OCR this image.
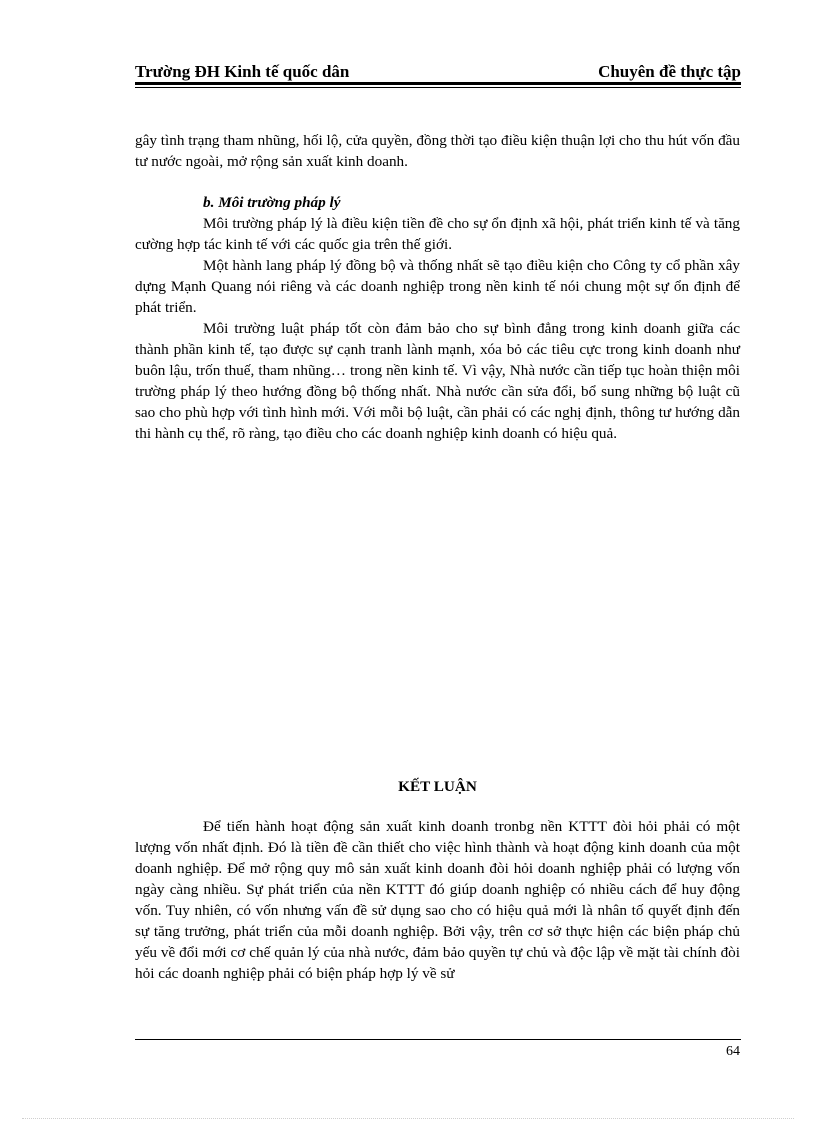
Trường ĐH Kinh tế quốc dân	Chuyên đề thực tập

gây tình trạng tham nhũng, hối lộ, cửa quyền, đồng thời tạo điều kiện thuận lợi cho thu hút vốn đầu tư nước ngoài, mở rộng sản xuất kinh doanh.

b. Môi trường pháp lý

Môi trường pháp lý là điều kiện tiền đề cho sự ổn định xã hội, phát triển kinh tế và tăng cường hợp tác kinh tế với các quốc gia trên thế giới.

Một hành lang pháp lý đồng bộ và thống nhất sẽ tạo điều kiện cho Công ty cổ phần xây dựng Mạnh Quang nói riêng và các doanh nghiệp trong nền kinh tế nói chung một sự ổn định để phát triển.

Môi trường luật pháp tốt còn đảm bảo cho sự bình đẳng trong kinh doanh giữa các thành phần kinh tế, tạo được sự cạnh tranh lành mạnh, xóa bỏ các tiêu cực trong kinh doanh như buôn lậu, trốn thuế, tham nhũng… trong nền kinh tế. Vì vậy, Nhà nước cần tiếp tục hoàn thiện môi trường pháp lý theo hướng đồng bộ thống nhất. Nhà nước cần sửa đổi, bổ sung những bộ luật cũ sao cho phù hợp với tình hình mới. Với mỗi bộ luật, cần phải có các nghị định, thông tư hướng dẫn thi hành cụ thể, rõ ràng, tạo điều cho các doanh nghiệp kinh doanh có hiệu quả.

KẾT LUẬN

Để tiến hành hoạt động sản xuất kinh doanh tronbg nền KTTT đòi hỏi phải có một lượng vốn nhất định. Đó là tiền đề cần thiết cho việc hình thành và hoạt động kinh doanh của một doanh nghiệp. Để mở rộng quy mô sản xuất kinh doanh đòi hỏi doanh nghiệp phải có lượng vốn ngày càng nhiều. Sự phát triển của nền KTTT đó giúp doanh nghiệp có nhiều cách để huy động vốn. Tuy nhiên, có vốn nhưng vấn đề sử dụng sao cho có hiệu quả mới là nhân tố quyết định đến sự tăng trưởng, phát triển của mỗi doanh nghiệp. Bởi vậy, trên cơ sở thực hiện các biện pháp chủ yếu về đổi mới cơ chế quản lý của nhà nước, đảm bảo quyền tự chủ và độc lập về mặt tài chính đòi hỏi các doanh nghiệp phải có biện pháp hợp lý về sử

64
